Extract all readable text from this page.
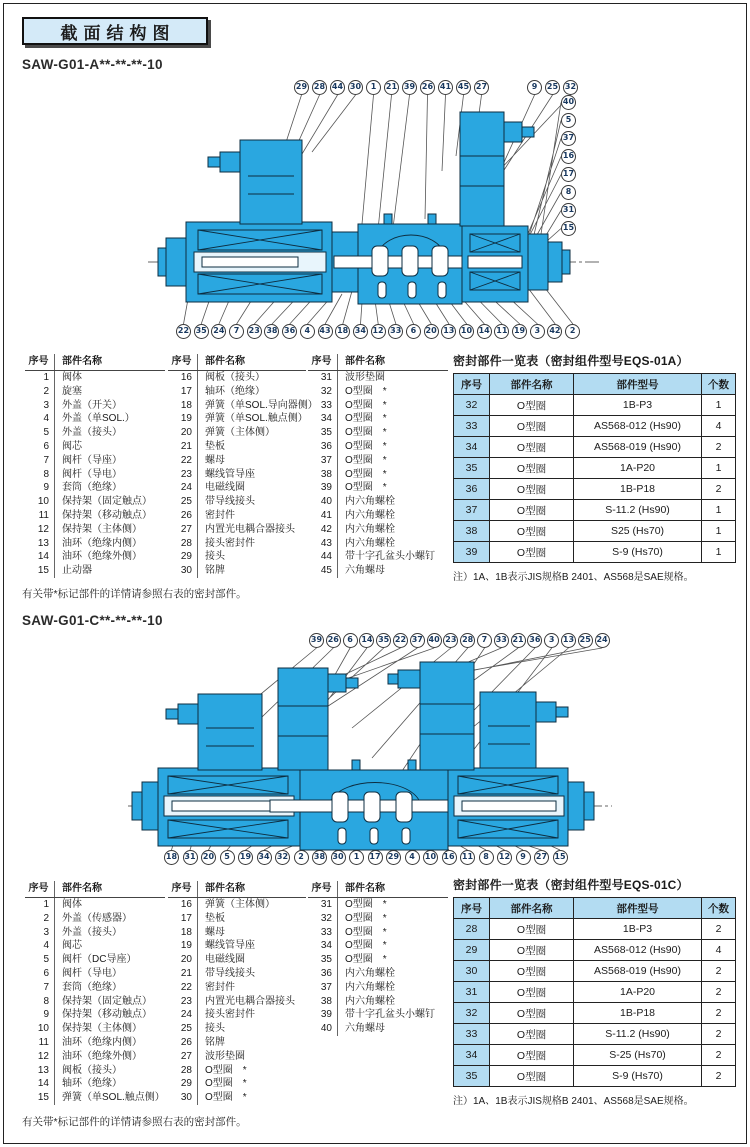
截面结构图
SAW-G01-A**-**-**-10
29 28 44 30	1	21 39 26 41 45 27	9	25 32
40
5
37
16
17
8
31
15
22 35 24	7	23 38 36	4	43 18 34 12 33	6	20 13 10 14 11 19	3	42	2
序号	部件名称
1	阀体
2	旋塞
3	外盖（开关）
4	外盖（单SOL.）
5	外盖（接头）
6	阀芯
7	阀杆（导座）
8	阀杆（导电）
9	套筒（绝缘）
10	保持架（固定触点）
11	保持架（移动触点）
12	保持架（主体侧）
13	油环（绝缘内侧）
14	油环（绝缘外侧）
15	止动器
序号	部件名称
16	阀板（接头）
17	轴环（绝缘）
18	弹簧（单SOL.导向器侧）
19	弹簧（单SOL.触点侧）
20	弹簧（主体侧）
21	垫板
22	螺母
23	螺线管导座
24	电磁线圈
25	带导线接头
26	密封件
27	内置光电耦合器接头
28	接头密封件
29	接头
30	铭牌
序号	部件名称
31	波形垫圈
32	O型圈　*
33	O型圈　*
34	O型圈　*
35	O型圈　*
36	O型圈　*
37	O型圈　*
38	O型圈　*
39	O型圈　*
40	内六角螺栓
41	内六角螺栓
42	内六角螺栓
43	内六角螺栓
44	带十字孔盆头小螺钉
45	六角螺母
密封部件一览表（密封组件型号EQS-01A）
序号	部件名称	部件型号	个数
32	O型圈	1B-P3	1
33	O型圈	AS568-012 (Hs90)	4
34	O型圈	AS568-019 (Hs90)	2
35	O型圈	1A-P20	1
36	O型圈	1B-P18	2
37	O型圈	S-11.2 (Hs90)	1
38	O型圈	S25 (Hs70)	1
39	O型圈	S-9 (Hs70)	1
注）1A、1B表示JIS规格B 2401、AS568是SAE规格。
有关带*标记部件的详情请参照右表的密封部件。
SAW-G01-C**-**-**-10
39 26	6	14 35 22 37 40 23 28	7	33 21 36	3	13 25 24
18 31 20	5	19 34 32	2	38 30	1	17 29	4	10 16 11	8	12	9	27 15
序号	部件名称
1	阀体
2	外盖（传感器）
3	外盖（接头）
4	阀芯
5	阀杆（DC导座）
6	阀杆（导电）
7	套筒（绝缘）
8	保持架（固定触点）
9	保持架（移动触点）
10	保持架（主体侧）
11	油环（绝缘内侧）
12	油环（绝缘外侧）
13	阀板（接头）
14	轴环（绝缘）
15	弹簧（单SOL.触点侧）
序号	部件名称
16	弹簧（主体侧）
17	垫板
18	螺母
19	螺线管导座
20	电磁线圈
21	带导线接头
22	密封件
23	内置光电耦合器接头
24	接头密封件
25	接头
26	铭牌
27	波形垫圈
28	O型圈　*
29	O型圈　*
30	O型圈　*
序号	部件名称
31	O型圈　*
32	O型圈　*
33	O型圈　*
34	O型圈　*
35	O型圈　*
36	内六角螺栓
37	内六角螺栓
38	内六角螺栓
39	带十字孔盆头小螺钉
40	六角螺母
密封部件一览表（密封组件型号EQS-01C）
序号	部件名称	部件型号	个数
28	O型圈	1B-P3	2
29	O型圈	AS568-012 (Hs90)	4
30	O型圈	AS568-019 (Hs90)	2
31	O型圈	1A-P20	2
32	O型圈	1B-P18	2
33	O型圈	S-11.2 (Hs90)	2
34	O型圈	S-25 (Hs70)	2
35	O型圈	S-9 (Hs70)	2
注）1A、1B表示JIS规格B 2401、AS568是SAE规格。
有关带*标记部件的详情请参照右表的密封部件。
